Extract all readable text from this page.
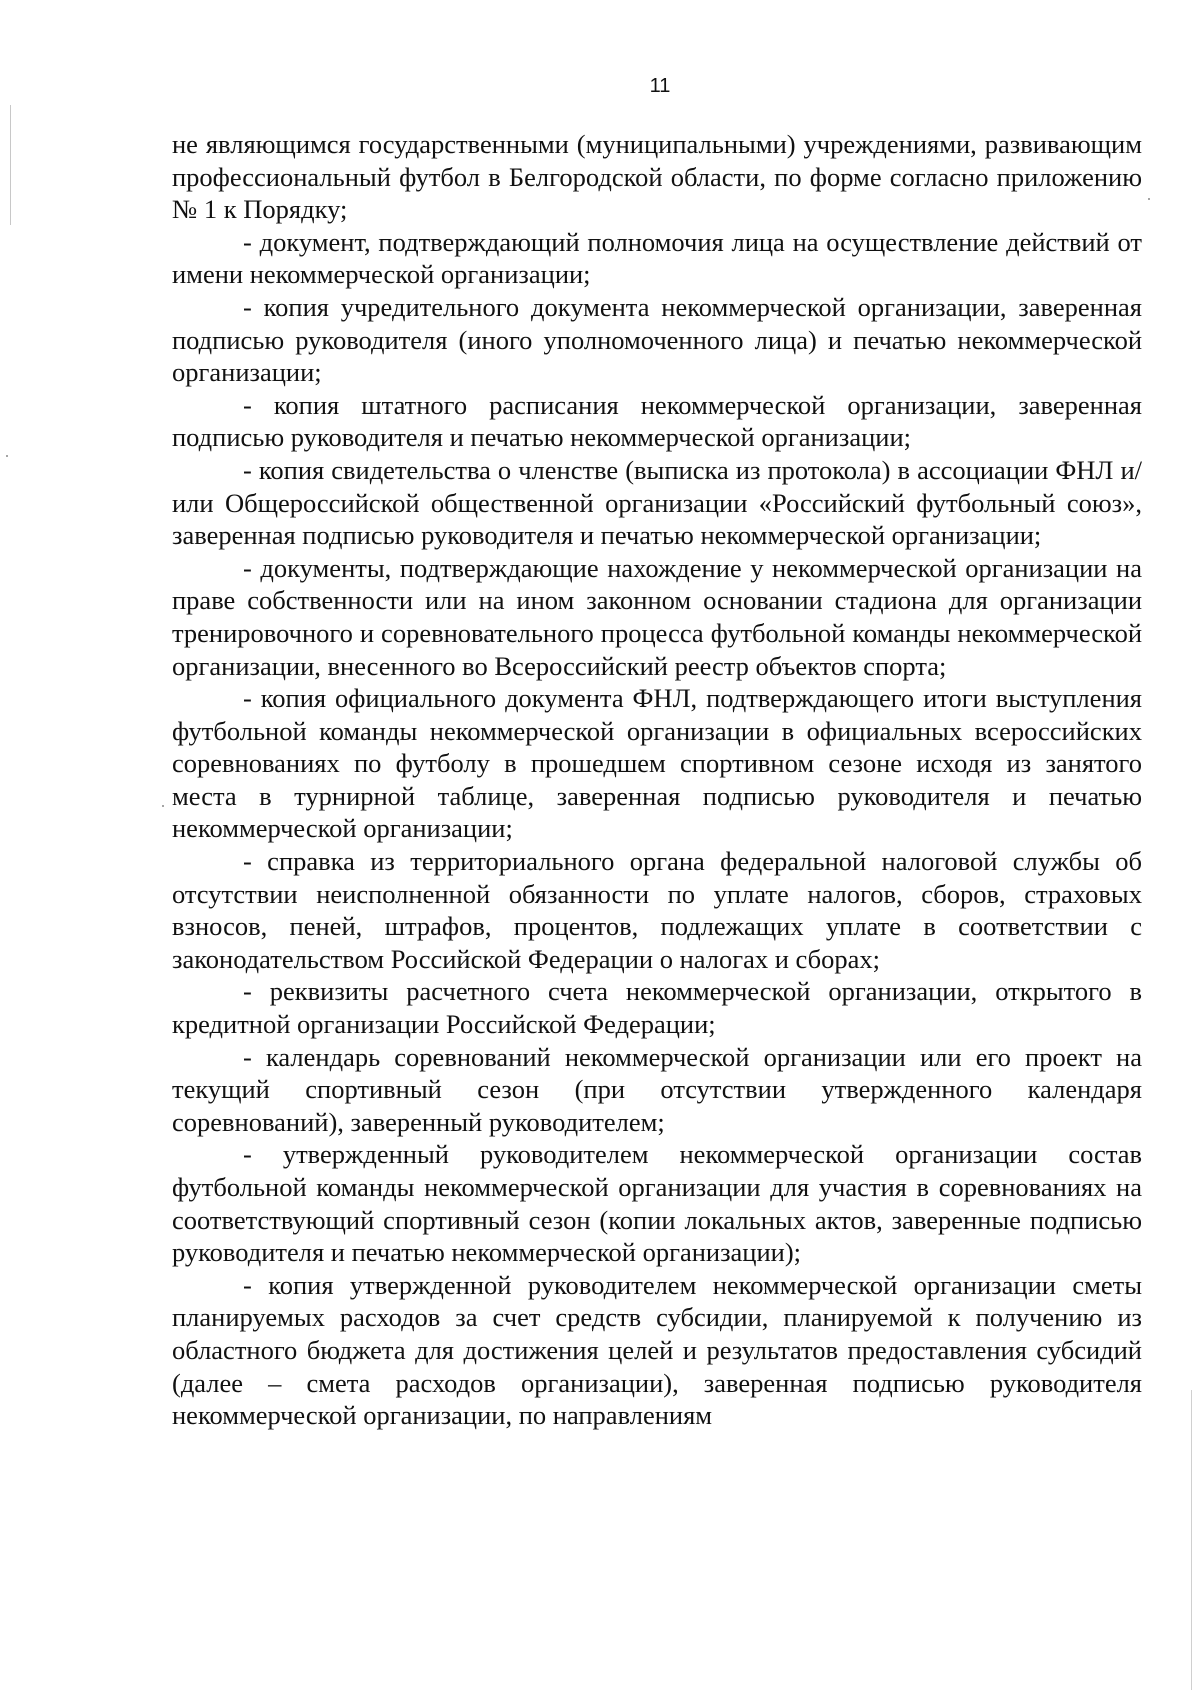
11

не являющимся государственными (муниципальными) учреждениями, развивающим профессиональный футбол в Белгородской области, по форме согласно приложению № 1 к Порядку;

- документ, подтверждающий полномочия лица на осуществление действий от имени некоммерческой организации;

- копия учредительного документа некоммерческой организации, заверенная подписью руководителя (иного уполномоченного лица) и печатью некоммерческой организации;

- копия штатного расписания некоммерческой организации, заверенная подписью руководителя и печатью некоммерческой организации;

- копия свидетельства о членстве (выписка из протокола) в ассоциации ФНЛ и/или Общероссийской общественной организации «Российский футбольный союз», заверенная подписью руководителя и печатью некоммерческой организации;

- документы, подтверждающие нахождение у некоммерческой организации на праве собственности или на ином законном основании стадиона для организации тренировочного и соревновательного процесса футбольной команды некоммерческой организации, внесенного во Всероссийский реестр объектов спорта;

- копия официального документа ФНЛ, подтверждающего итоги выступления футбольной команды некоммерческой организации в официальных всероссийских соревнованиях по футболу в прошедшем спортивном сезоне исходя из занятого места в турнирной таблице, заверенная подписью руководителя и печатью некоммерческой организации;

- справка из территориального органа федеральной налоговой службы об отсутствии неисполненной обязанности по уплате налогов, сборов, страховых взносов, пеней, штрафов, процентов, подлежащих уплате в соответствии с законодательством Российской Федерации о налогах и сборах;

- реквизиты расчетного счета некоммерческой организации, открытого в кредитной организации Российской Федерации;

- календарь соревнований некоммерческой организации или его проект на текущий спортивный сезон (при отсутствии утвержденного календаря соревнований), заверенный руководителем;

- утвержденный руководителем некоммерческой организации состав футбольной команды некоммерческой организации для участия в соревнованиях на соответствующий спортивный сезон (копии локальных актов, заверенные подписью руководителя и печатью некоммерческой организации);

- копия утвержденной руководителем некоммерческой организации сметы планируемых расходов за счет средств субсидии, планируемой к получению из областного бюджета для достижения целей и результатов предоставления субсидий (далее – смета расходов организации), заверенная подписью руководителя некоммерческой организации, по направлениям
